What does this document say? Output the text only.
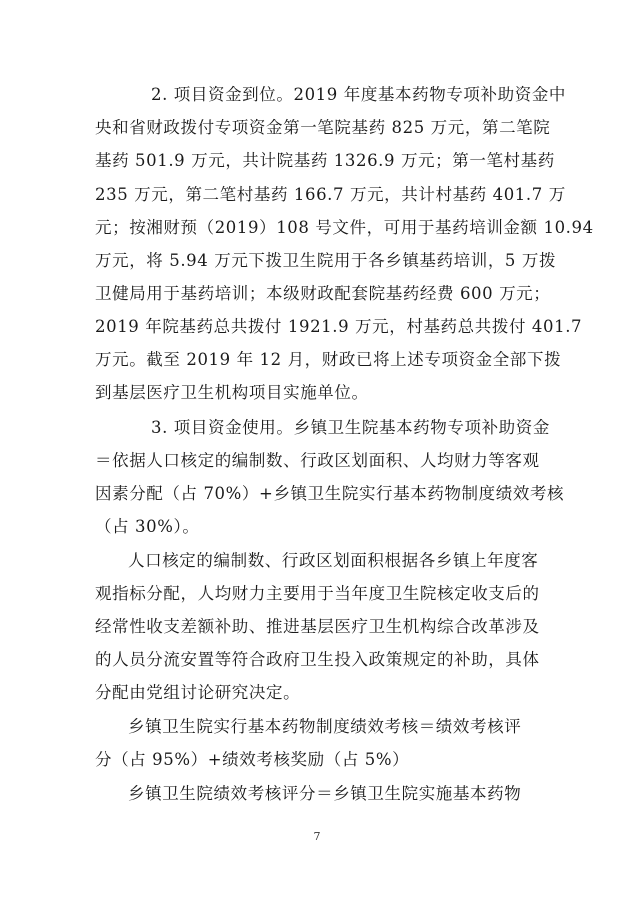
2. 项目资金到位。2019 年度基本药物专项补助资金中
央和省财政拨付专项资金第一笔院基药 825 万元，第二笔院
基药 501.9 万元，共计院基药 1326.9 万元；第一笔村基药
235 万元，第二笔村基药 166.7 万元，共计村基药 401.7 万
元；按湘财预（2019）108 号文件，可用于基药培训金额 10.94
万元，将 5.94 万元下拨卫生院用于各乡镇基药培训，5 万拨
卫健局用于基药培训；本级财政配套院基药经费 600 万元；
2019 年院基药总共拨付 1921.9 万元，村基药总共拨付 401.7
万元。截至 2019 年 12 月，财政已将上述专项资金全部下拨
到基层医疗卫生机构项目实施单位。
3. 项目资金使用。乡镇卫生院基本药物专项补助资金
＝依据人口核定的编制数、行政区划面积、人均财力等客观
因素分配（占 70%）+乡镇卫生院实行基本药物制度绩效考核
（占 30%）。
人口核定的编制数、行政区划面积根据各乡镇上年度客
观指标分配，人均财力主要用于当年度卫生院核定收支后的
经常性收支差额补助、推进基层医疗卫生机构综合改革涉及
的人员分流安置等符合政府卫生投入政策规定的补助，具体
分配由党组讨论研究决定。
乡镇卫生院实行基本药物制度绩效考核＝绩效考核评
分（占 95%）+绩效考核奖励（占 5%）
乡镇卫生院绩效考核评分＝乡镇卫生院实施基本药物
7
